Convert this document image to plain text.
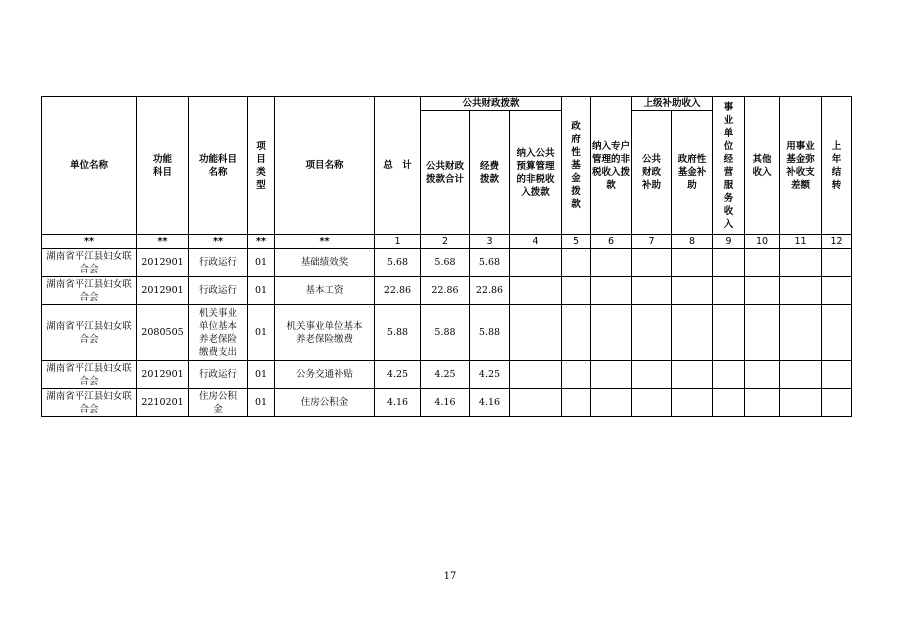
单位名称	功能科目	功能科目名称	项目类型	项目名称	总　计	公共财政拨款			政府性基金拨款	纳入专户管理的非税收入拨款	上级补助收入		事业单位经营服务收入	其他收入	用事业基金弥补收支差额	上年结转
						公共财政拨款合计	经费拨款	纳入公共预算管理的非税收入拨款			公共财政补助	政府性基金补助				
**	**	**	**	**	1	2	3	4	5	6	7	8	9	10	11	12
湖南省平江县妇女联合会	2012901	行政运行	01	基础绩效奖	5.68	5.68	5.68									
湖南省平江县妇女联合会	2012901	行政运行	01	基本工资	22.86	22.86	22.86									
湖南省平江县妇女联合会	2080505	机关事业单位基本养老保险缴费支出	01	机关事业单位基本养老保险缴费	5.88	5.88	5.88									
湖南省平江县妇女联合会	2012901	行政运行	01	公务交通补贴	4.25	4.25	4.25									
湖南省平江县妇女联合会	2210201	住房公积金	01	住房公积金	4.16	4.16	4.16									
17
